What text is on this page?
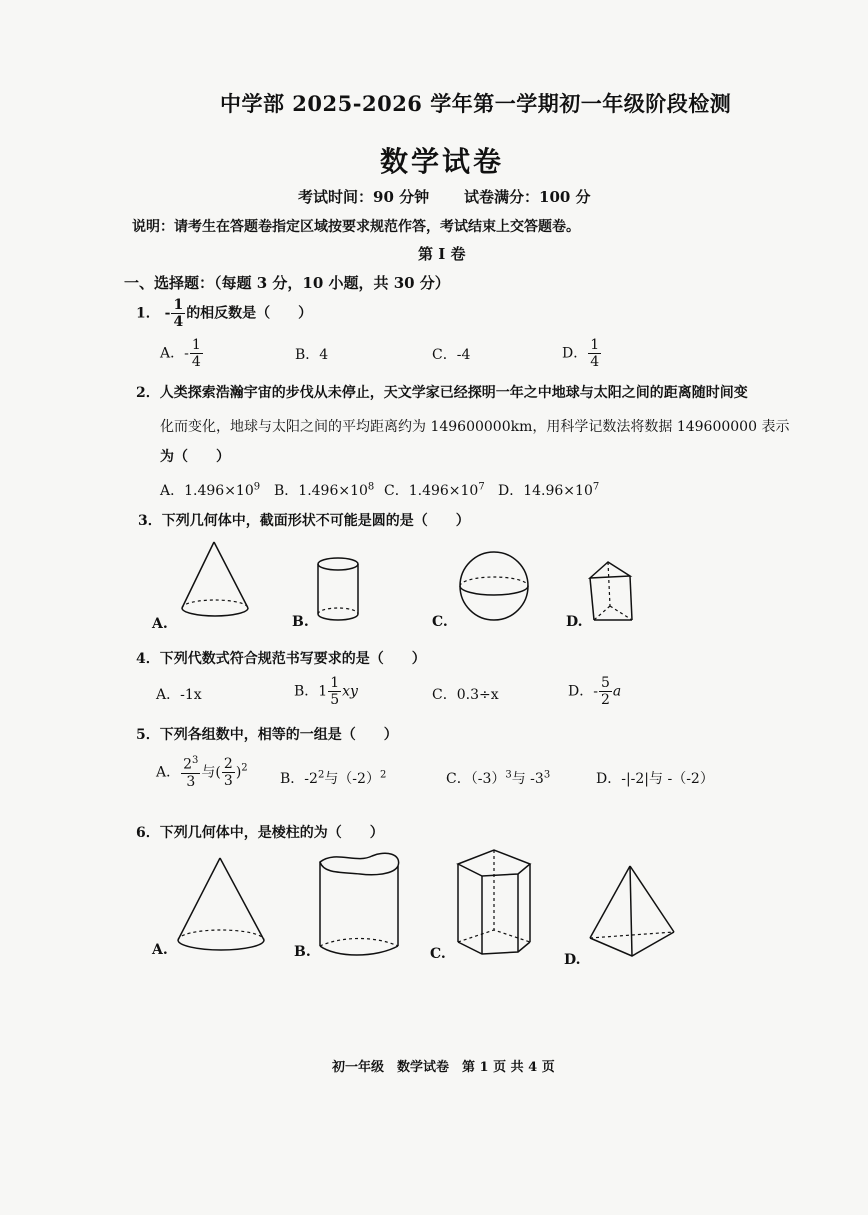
中学部 2025-2026 学年第一学期初一年级阶段检测
数学试卷
考试时间：90 分钟 试卷满分：100 分
说明：请考生在答题卷指定区域按要求规范作答，考试结束上交答题卷。
第 I 卷
一、选择题：（每题 3 分，10 小题，共 30 分）
1． - $\frac{1}{4}$ 的相反数是（　　）
A．- $\frac{1}{4}$	B．4	C．-4	D． $\frac{1}{4}$
2．人类探索浩瀚宇宙的步伐从未停止，天文学家已经探明一年之中地球与太阳之间的距离随时间变
化而变化，地球与太阳之间的平均距离约为 149600000km，用科学记数法将数据 149600000 表示
为（　　）
A．$1.496\times 10^9$ B．$1.496\times 10^8$ C．$1.496\times 10^7$ D．$14.96\times 10^7$
3．下列几何体中，截面形状不可能是圆的是（　　）
A.	B.	C.	D.
4．下列代数式符合规范书写要求的是（　　）
A．-1x	B．$1 \frac{1}{5}$ xy	C．0.3÷x	D．- $\frac{5}{2}$ a
5．下列各组数中，相等的一组是（　　）
A． $\frac{2^3}{3}$ 与( $\frac{2}{3} )^2$
B．$-2^2$与$(-2)^2$	C．$(-3)^3$与 $-3^3$	D．-|-2|与 -（-2）
6．下列几何体中，是棱柱的为（　　）
A.	B.	C.	D.
初一年级　数学试卷　第 1 页 共 4 页
